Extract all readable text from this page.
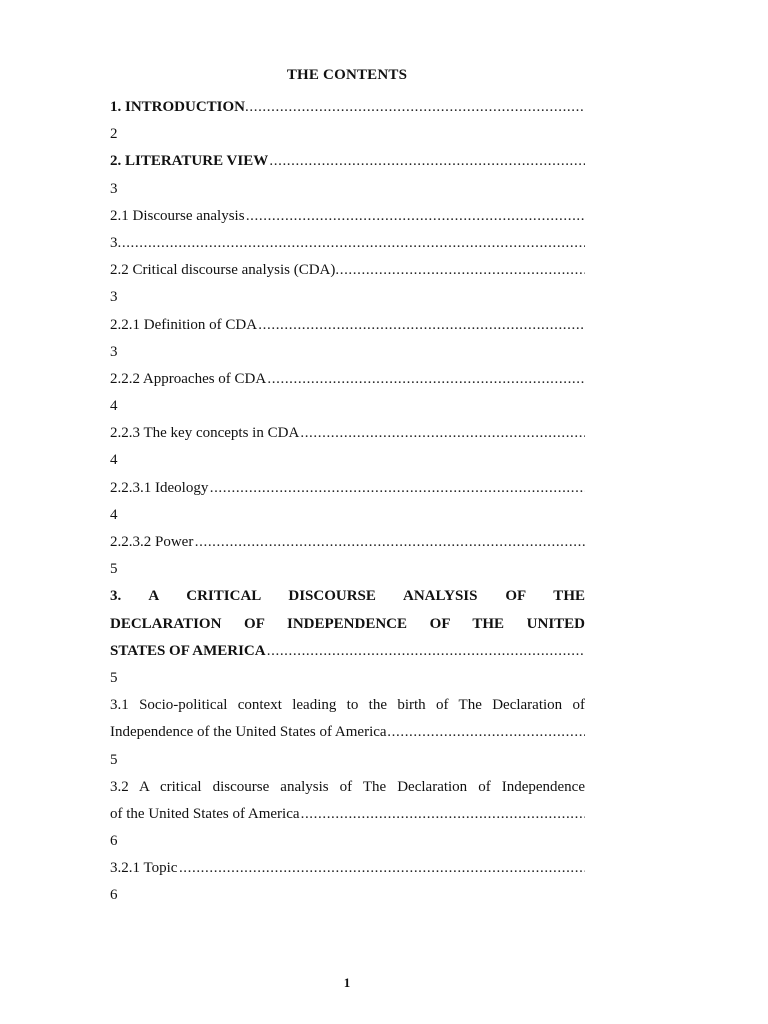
THE CONTENTS
1. INTRODUCTION
.....
2
2. LITERATURE VIEW
.....
3
2.1 Discourse analysis
.....
3
.....
2.2 Critical discourse analysis (CDA)
.....
3
2.2.1 Definition of CDA
.....
3
2.2.2 Approaches of CDA
.....
4
2.2.3 The key concepts in CDA
.....
4
2.2.3.1 Ideology
.....
4
2.2.3.2 Power
.....
5
3. A CRITICAL DISCOURSE ANALYSIS OF THE
DECLARATION OF INDEPENDENCE OF THE UNITED
STATES OF AMERICA
.....
5
3.1 Socio-political context leading to the birth of The Declaration of
Independence of the United States of America
.....
5
3.2 A critical discourse analysis of The Declaration of Independence
of the United States of America
.....
6
3.2.1 Topic
.....
6
1
